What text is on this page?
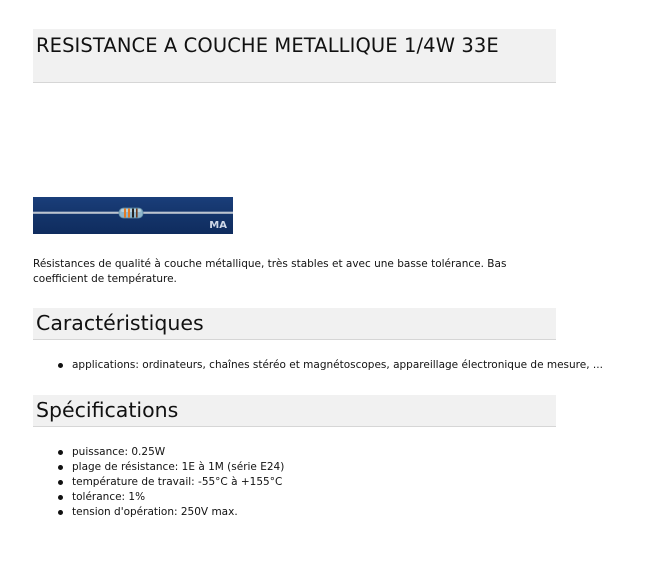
RESISTANCE A COUCHE METALLIQUE 1/4W 33E
MA
Résistances de qualité à couche métallique, très stables et avec une basse tolérance. Bas coefficient de température.
Caractéristiques
applications: ordinateurs, chaînes stéréo et magnétoscopes, appareillage électronique de mesure, ...
Spécifications
puissance: 0.25W
plage de résistance: 1E à 1M (série E24)
température de travail: -55°C à +155°C
tolérance: 1%
tension d'opération: 250V max.
